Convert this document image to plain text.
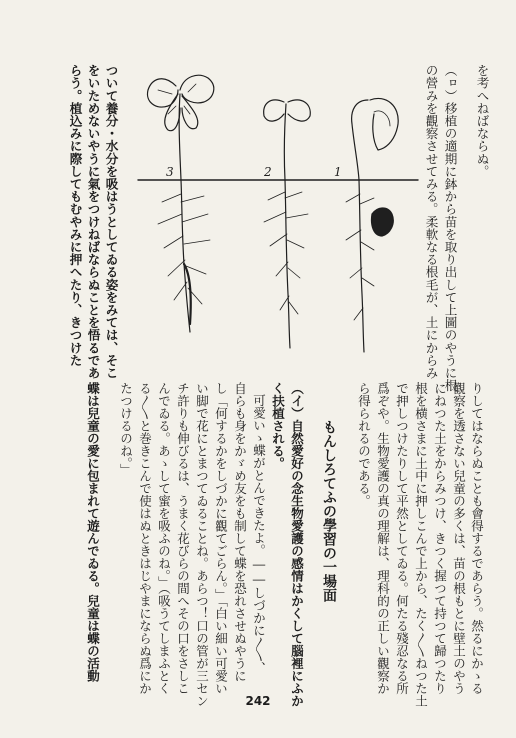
を考へねばならぬ。
（ㇿ）移植の適期に鉢から苗を取り出して上圖のやうに根
の營みを觀察させてみる。柔軟なる根毛が、土にからみ
ついて養分・水分を吸はうとしてゐる姿をみては、そこ
をいためないやうに氣をつけねばならぬことを悟るであ
らう。植込みに際してもむやみに押へたり、きつけた	3	2	1
りしてはならぬことも會得するであらう。然るにかゝる
觀察を透さない兒童の多くは、苗の根もとに壁土のやう
にねつた土をからみつけ、きつく握つて持つて歸つたり
根を横さまに土中に押しこんで上から、たく〳〵ねつた土
で押しつけたりして平然としてゐる。何たる殘忍なる所
爲ぞや。生物愛護の真の理解は、理科的の正しい觀察か
ら得られるのである。
もんしろてふの學習の一場面
（イ）自然愛好の念生物愛護の感情はかくして腦裡にふか
く扶植される。
可愛いゝ蝶がとんできたよ。――しづかに〳〵、
自らも身をかゞめ友をも制して蝶を恐れさせぬやうに
し「何するかをしづかに觀てごらん。」「白い細い可愛い
い脚で花にとまつてゐることね。あらつ！口の管が三セン
チ許りも伸びるは、うまく花びらの間へその口をさしこ
んでゐる。あゝして蜜を吸ふのね。」（吸うてしまふとく
る〳〵と巻きこんで使はぬときはじやまにならぬ爲にか
たつけるのね。」
蝶は兒童の愛に包まれて遊んでゐる。兒童は蝶の活動
242
